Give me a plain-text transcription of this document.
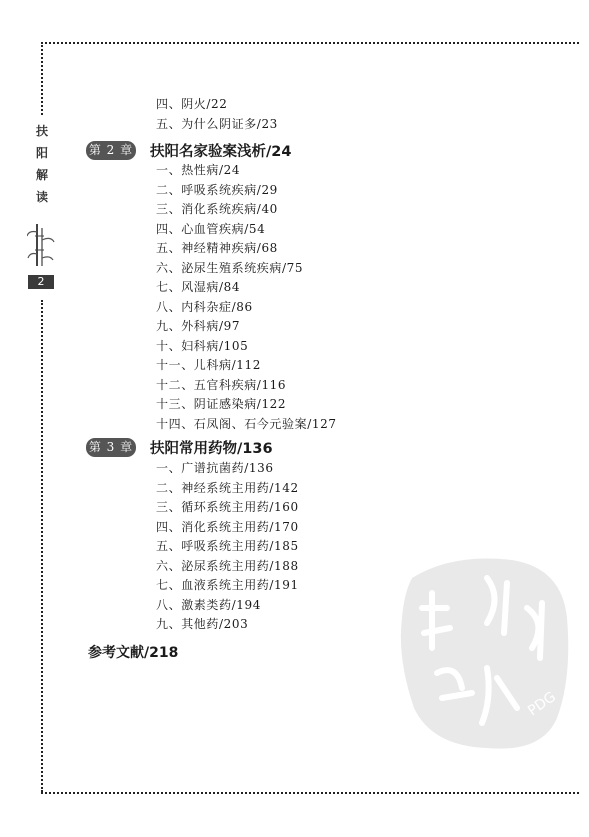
扶
阳
解
读
2
四、阴火/22
五、为什么阴证多/23
第 2 章 扶阳名家验案浅析/24
一、热性病/24
二、呼吸系统疾病/29
三、消化系统疾病/40
四、心血管疾病/54
五、神经精神疾病/68
六、泌尿生殖系统疾病/75
七、风湿病/84
八、内科杂症/86
九、外科病/97
十、妇科病/105
十一、儿科病/112
十二、五官科疾病/116
十三、阴证感染病/122
十四、石凤阁、石今元验案/127
第 3 章 扶阳常用药物/136
一、广谱抗菌药/136
二、神经系统主用药/142
三、循环系统主用药/160
四、消化系统主用药/170
五、呼吸系统主用药/185
六、泌尿系统主用药/188
七、血液系统主用药/191
八、激素类药/194
九、其他药/203
参考文献/218
PDG
